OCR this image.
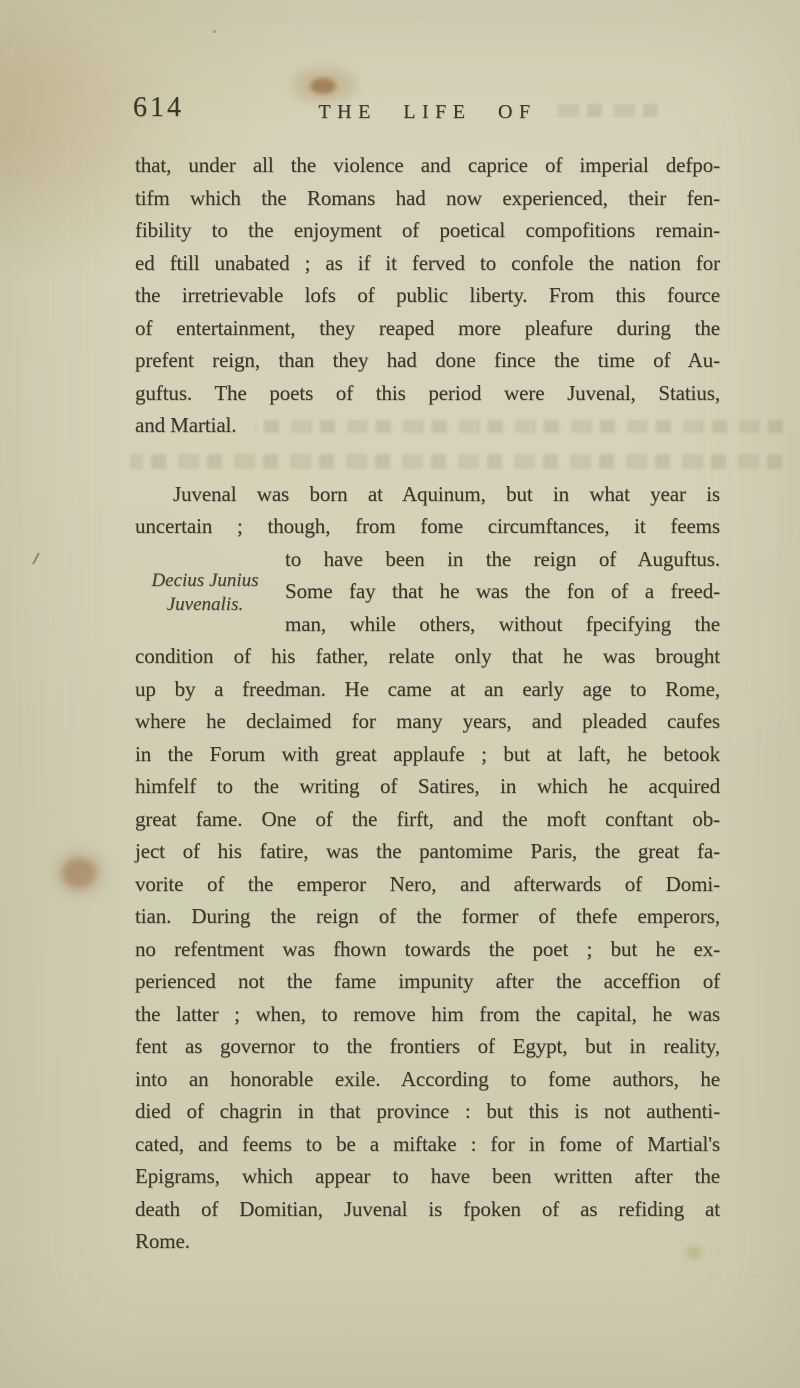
614	THE LIFE OF
that, under all the violence and caprice of imperial defpo-
tifm which the Romans had now experienced, their fen-
fibility to the enjoyment of poetical compofitions remain-
ed ftill unabated ; as if it ferved to confole the nation for
the irretrievable lofs of public liberty. From this fource
of entertainment, they reaped more pleafure during the
prefent reign, than they had done fince the time of Au-
guftus. The poets of this period were Juvenal, Statius,
and Martial.
Juvenal was born at Aquinum, but in what year is
uncertain ; though, from fome circumftances, it feems
Decius Junius
Juvenalis.
to have been in the reign of Auguftus.
Some fay that he was the fon of a freed-
man, while others, without fpecifying the
condition of his father, relate only that he was brought
up by a freedman. He came at an early age to Rome,
where he declaimed for many years, and pleaded caufes
in the Forum with great applaufe ; but at laft, he betook
himfelf to the writing of Satires, in which he acquired
great fame. One of the firft, and the moft conftant ob-
ject of his fatire, was the pantomime Paris, the great fa-
vorite of the emperor Nero, and afterwards of Domi-
tian. During the reign of the former of thefe emperors,
no refentment was fhown towards the poet ; but he ex-
perienced not the fame impunity after the acceffion of
the latter ; when, to remove him from the capital, he was
fent as governor to the frontiers of Egypt, but in reality,
into an honorable exile. According to fome authors, he
died of chagrin in that province : but this is not authenti-
cated, and feems to be a miftake : for in fome of Martial's
Epigrams, which appear to have been written after the
death of Domitian, Juvenal is fpoken of as refiding at
Rome.
